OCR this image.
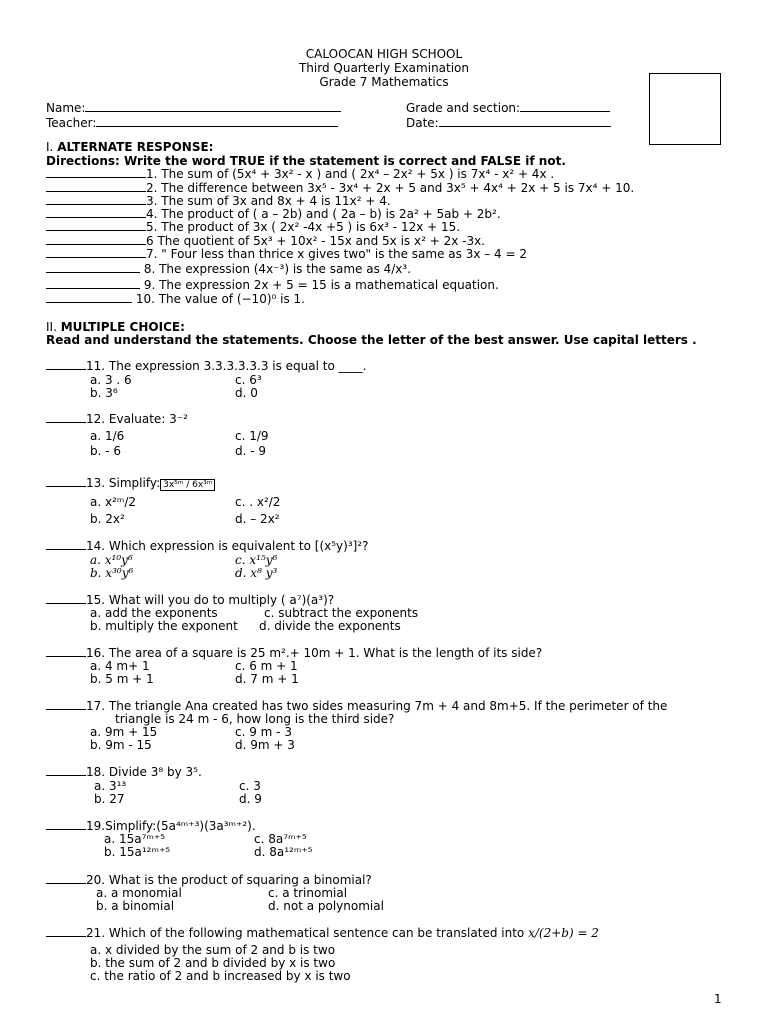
CALOOCAN HIGH SCHOOL
Third Quarterly Examination
Grade 7 Mathematics
Name:
Teacher:
Grade and section:
Date:
I. ALTERNATE RESPONSE:
Directions: Write the word TRUE if the statement is correct and FALSE if not.
1. The sum of (5x⁴ + 3x² - x ) and ( 2x⁴ – 2x² + 5x ) is 7x⁴ - x² + 4x .
2. The difference between 3x⁵ - 3x⁴ + 2x + 5 and 3x⁵ + 4x⁴ + 2x + 5 is 7x⁴ + 10.
3. The sum of 3x and 8x + 4 is 11x² + 4.
4. The product of ( a – 2b) and ( 2a – b) is 2a² + 5ab + 2b².
5. The product of 3x ( 2x² -4x +5 ) is 6x³ - 12x + 15.
6 The quotient of 5x³ + 10x² - 15x and 5x is x² + 2x -3x.
7. " Four less than thrice x gives two" is the same as 3x – 4 = 2
8. The expression (4x⁻³) is the same as 4/x³.
9. The expression 2x + 5 = 15 is a mathematical equation.
10. The value of (−10)⁰ is 1.
II. MULTIPLE CHOICE:
Read and understand the statements. Choose the letter of the best answer. Use capital letters .
11. The expression 3.3.3.3.3.3 is equal to ____.
a. 3 . 6
b. 3⁶
c. 6³
d. 0
12. Evaluate: 3⁻²
a. 1/6
b. - 6
c. 1/9
d. - 9
13. Simplify: 3x⁵ᵐ / 6x³ᵐ
a. x²ᵐ/2
b. 2x²
c. . x²/2
d. – 2x²
14. Which expression is equivalent to [(x⁵y)³]²?
a. x¹⁰y⁶
b. x³⁰y⁶
c. x¹⁵y⁶
d. x⁸ y³
15. What will you do to multiply ( a⁷)(a³)?
a. add the exponents
b. multiply the exponent
c. subtract the exponents
d. divide the exponents
16. The area of a square is 25 m².+ 10m + 1. What is the length of its side?
a. 4 m+ 1
b. 5 m + 1
c. 6 m + 1
d. 7 m + 1
17. The triangle Ana created has two sides measuring 7m + 4 and 8m+5. If the perimeter of the
triangle is 24 m - 6, how long is the third side?
a. 9m + 15
b. 9m - 15
c. 9 m - 3
d. 9m + 3
18. Divide 3⁸ by 3⁵.
a. 3¹³
b. 27
c. 3
d. 9
19.Simplify:(5a⁴ᵐ⁺³)(3a³ᵐ⁺²).
a. 15a⁷ᵐ⁺⁵
b. 15a¹²ᵐ⁺⁵
c. 8a⁷ᵐ⁺⁵
d. 8a¹²ᵐ⁺⁵
20. What is the product of squaring a binomial?
a. a monomial
b. a binomial
c. a trinomial
d. not a polynomial
21. Which of the following mathematical sentence can be translated into x/(2+b) = 2
a. x divided by the sum of 2 and b is two
b. the sum of 2 and b divided by x is two
c. the ratio of 2 and b increased by x is two
1
